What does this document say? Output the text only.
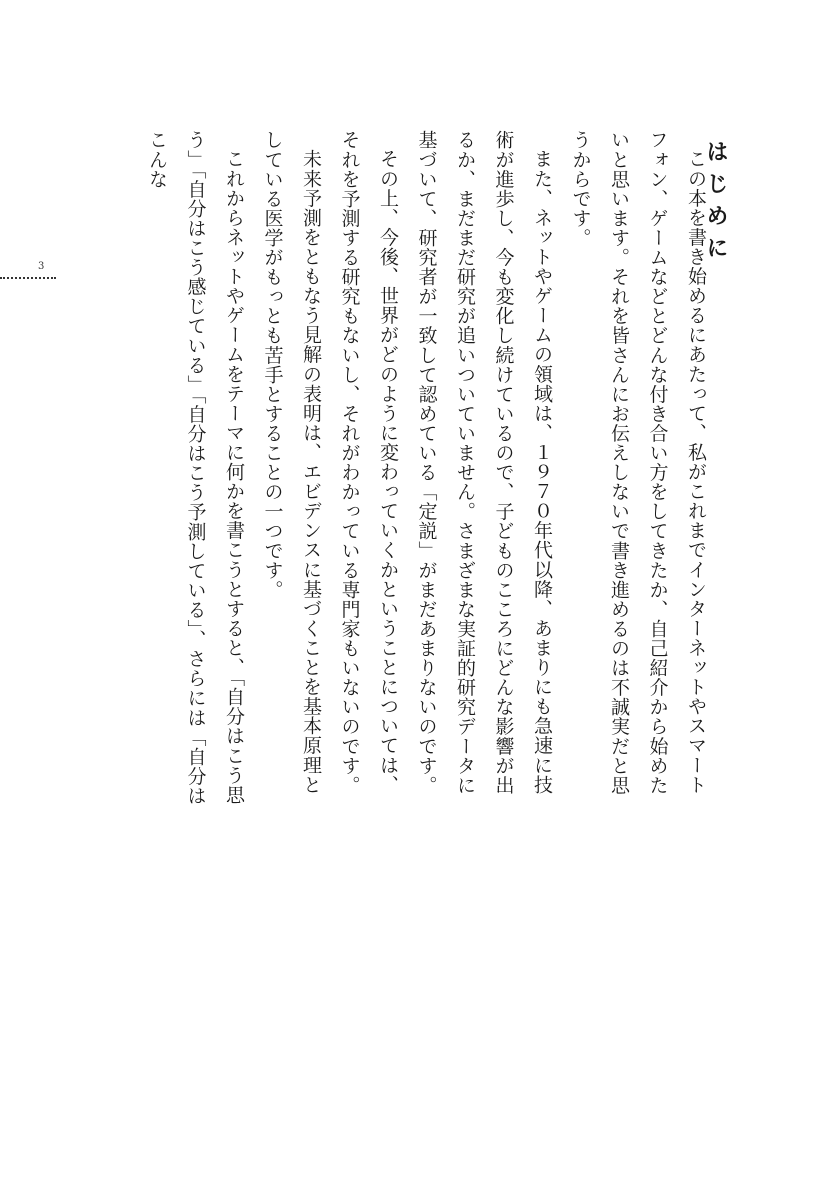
3	はじめに

この本を書き始めるにあたって、私がこれまでインターネットやスマートフォン、ゲームなどとどんな付き合い方をしてきたか、自己紹介から始めたいと思います。それを皆さんにお伝えしないで書き進めるのは不誠実だと思うからです。

また、ネットやゲームの領域は、１９７０年代以降、あまりにも急速に技術が進歩し、今も変化し続けているので、子どものこころにどんな影響が出るか、まだまだ研究が追いついていません。さまざまな実証的研究データに基づいて、研究者が一致して認めている「定説」がまだあまりないのです。

その上、今後、世界がどのように変わっていくかということについては、それを予測する研究もないし、それがわかっている専門家もいないのです。

未来予測をともなう見解の表明は、エビデンスに基づくことを基本原理としている医学がもっとも苦手とすることの一つです。

これからネットやゲームをテーマに何かを書こうとすると、「自分はこう思う」「自分はこう感じている」「自分はこう予測している」、さらには「自分はこんな
